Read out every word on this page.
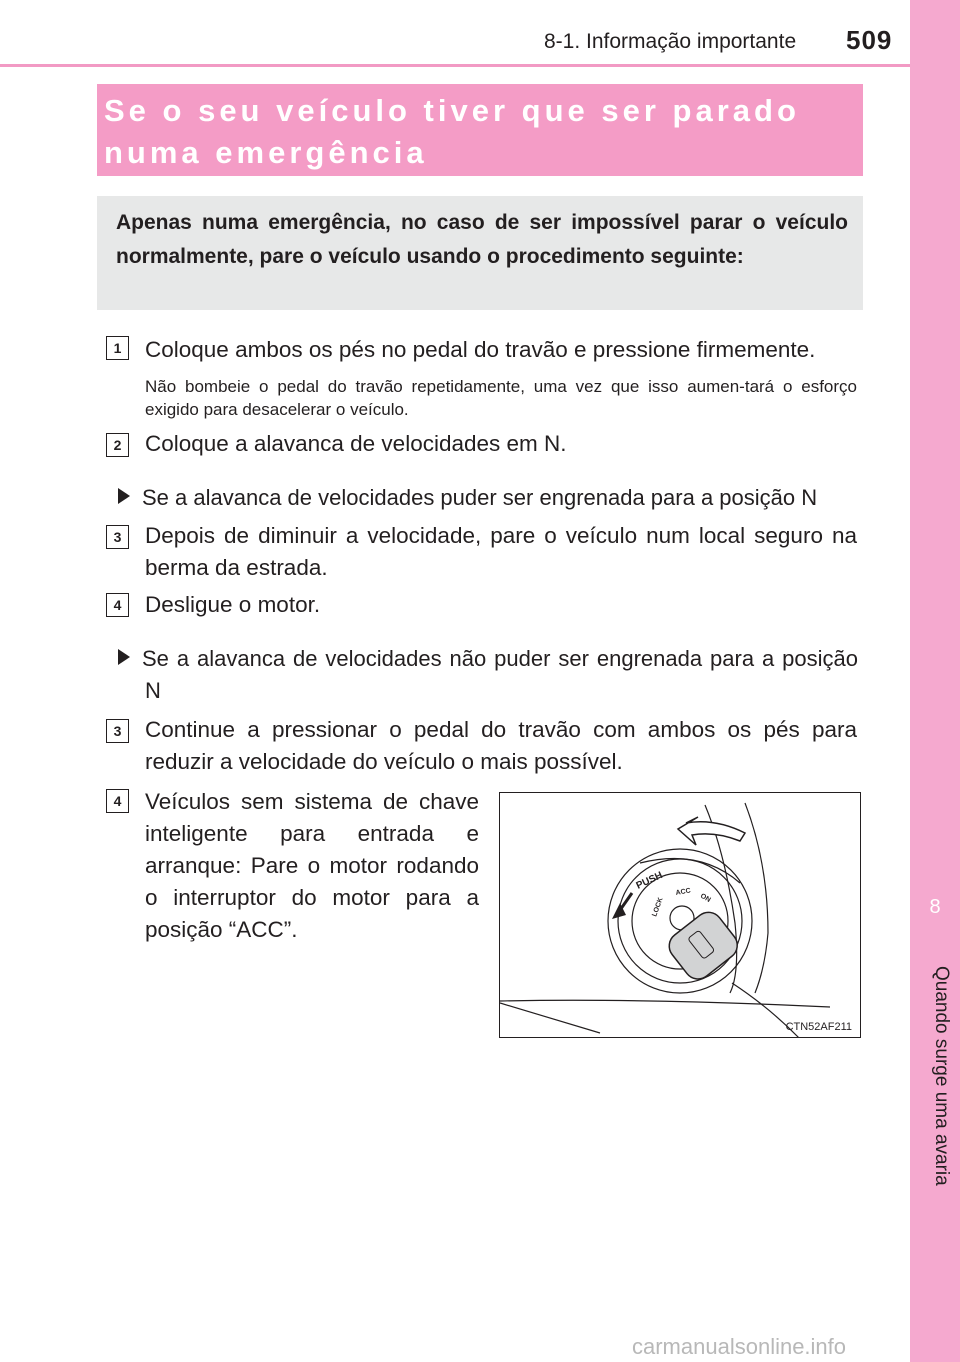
8-1. Informação importante 509
8
Quando surge uma avaria
Se o seu veículo tiver que ser parado numa emergência
Apenas numa emergência, no caso de ser impossível parar o veículo normalmente, pare o veículo usando o procedimento seguinte:
1	Coloque ambos os pés no pedal do travão e pressione firmemente.
Não bombeie o pedal do travão repetidamente, uma vez que isso aumen-tará o esforço exigido para desacelerar o veículo.
2	Coloque a alavanca de velocidades em N.
Se a alavanca de velocidades puder ser engrenada para a posição N
3	Depois de diminuir a velocidade, pare o veículo num local seguro na berma da estrada.
4	Desligue o motor.
Se a alavanca de velocidades não puder ser engrenada para a posição N
3	Continue a pressionar o pedal do travão com ambos os pés para reduzir a velocidade do veículo o mais possível.
4	Veículos sem sistema de chave inteligente para entrada e arranque: Pare o motor rodando o interruptor do motor para a posição “ACC”.
PUSH
LOCK
ACC
ON
CTN52AF211
carmanualsonline.info
